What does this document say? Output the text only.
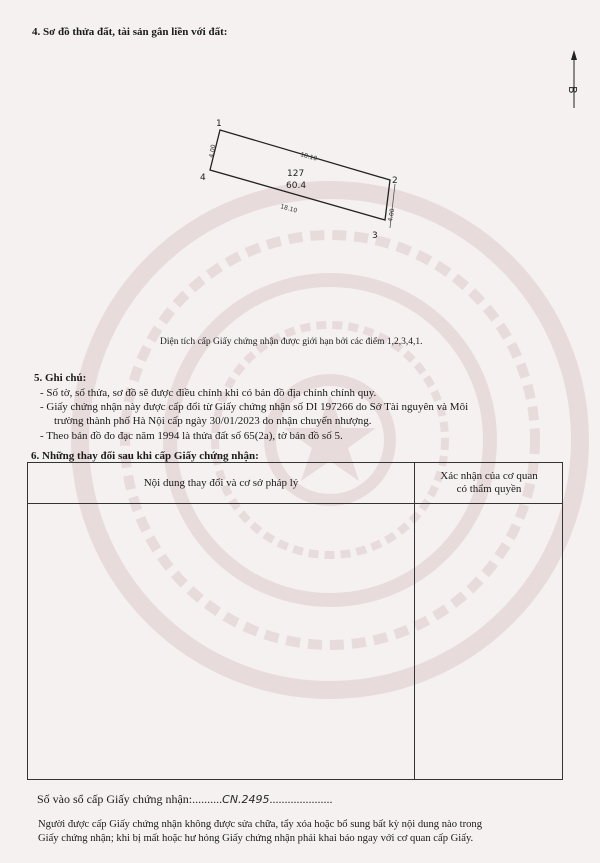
4. Sơ đồ thửa đất, tài sản gắn liền với đất:
B
1
2
3
4
18.10
18.10
4.00
4.00
127
60.4
Diện tích cấp Giấy chứng nhận được giới hạn bởi các điểm 1,2,3,4,1.
5. Ghi chú:
- Số tờ, số thửa, sơ đồ sẽ được điều chỉnh khi có bản đồ địa chính chính quy.
- Giấy chứng nhận này được cấp đổi từ Giấy chứng nhận số DI 197266 do Sở Tài nguyên và Môi
trường thành phố Hà Nội cấp ngày 30/01/2023 do nhận chuyển nhượng.
- Theo bản đồ đo đạc năm 1994 là thửa đất số 65(2a), tờ bản đồ số 5.
6. Những thay đổi sau khi cấp Giấy chứng nhận:
Nội dung thay đổi và cơ sở pháp lý
Xác nhận của cơ quan
có thẩm quyền
Số vào sổ cấp Giấy chứng nhận:..........CN.2495.....................
Người được cấp Giấy chứng nhận không được sửa chữa, tẩy xóa hoặc bổ sung bất kỳ nội dung nào trong
Giấy chứng nhận; khi bị mất hoặc hư hỏng Giấy chứng nhận phải khai báo ngay với cơ quan cấp Giấy.
